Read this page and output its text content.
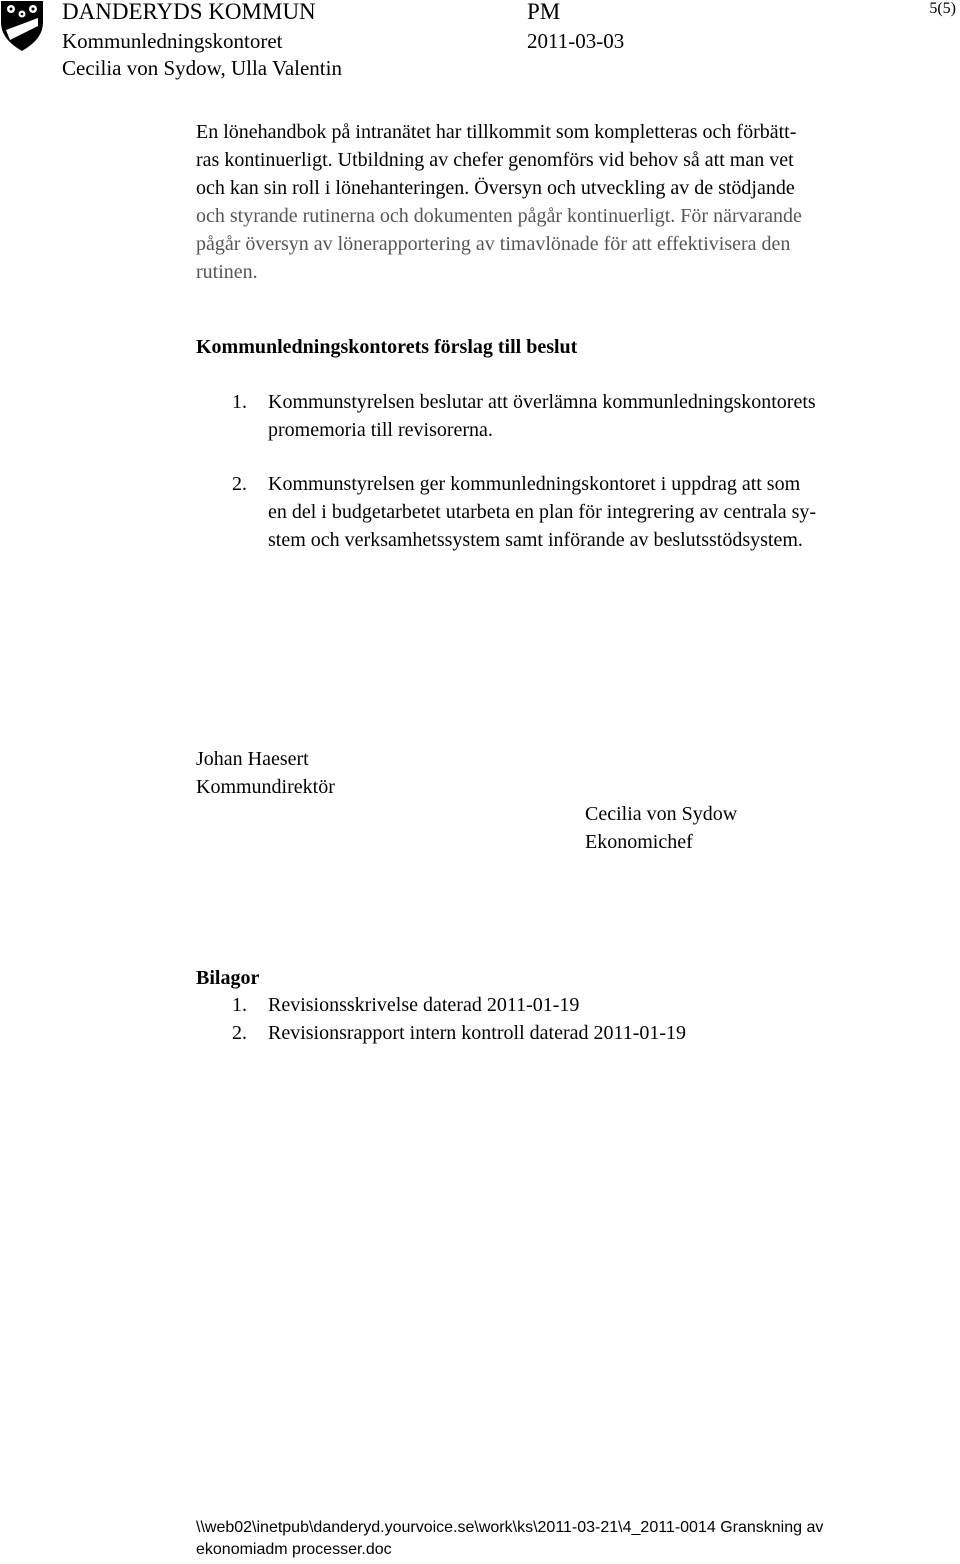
DANDERYDS KOMMUN
Kommunledningskontoret
Cecilia von Sydow, Ulla Valentin
PM
2011-03-03
5(5)
En lönehandbok på intranätet har tillkommit som kompletteras och förbätt-
ras kontinuerligt. Utbildning av chefer genomförs vid behov så att man vet
och kan sin roll i lönehanteringen. Översyn och utveckling av de stödjande
och styrande rutinerna och dokumenten pågår kontinuerligt. För närvarande
pågår översyn av lönerapportering av timavlönade för att effektivisera den
rutinen.
Kommunledningskontorets förslag till beslut
1. Kommunstyrelsen beslutar att överlämna kommunledningskontorets
promemoria till revisorerna.
2. Kommunstyrelsen ger kommunledningskontoret i uppdrag att som
en del i budgetarbetet utarbeta en plan för integrering av centrala sy-
stem och verksamhetssystem samt införande av beslutsstödsystem.
Johan Haesert
Kommundirektör
Cecilia von Sydow
Ekonomichef
Bilagor
1. Revisionsskrivelse daterad 2011-01-19
2. Revisionsrapport intern kontroll daterad 2011-01-19
\\web02\inetpub\danderyd.yourvoice.se\work\ks\2011-03-21\4_2011-0014 Granskning av
ekonomiadm processer.doc
